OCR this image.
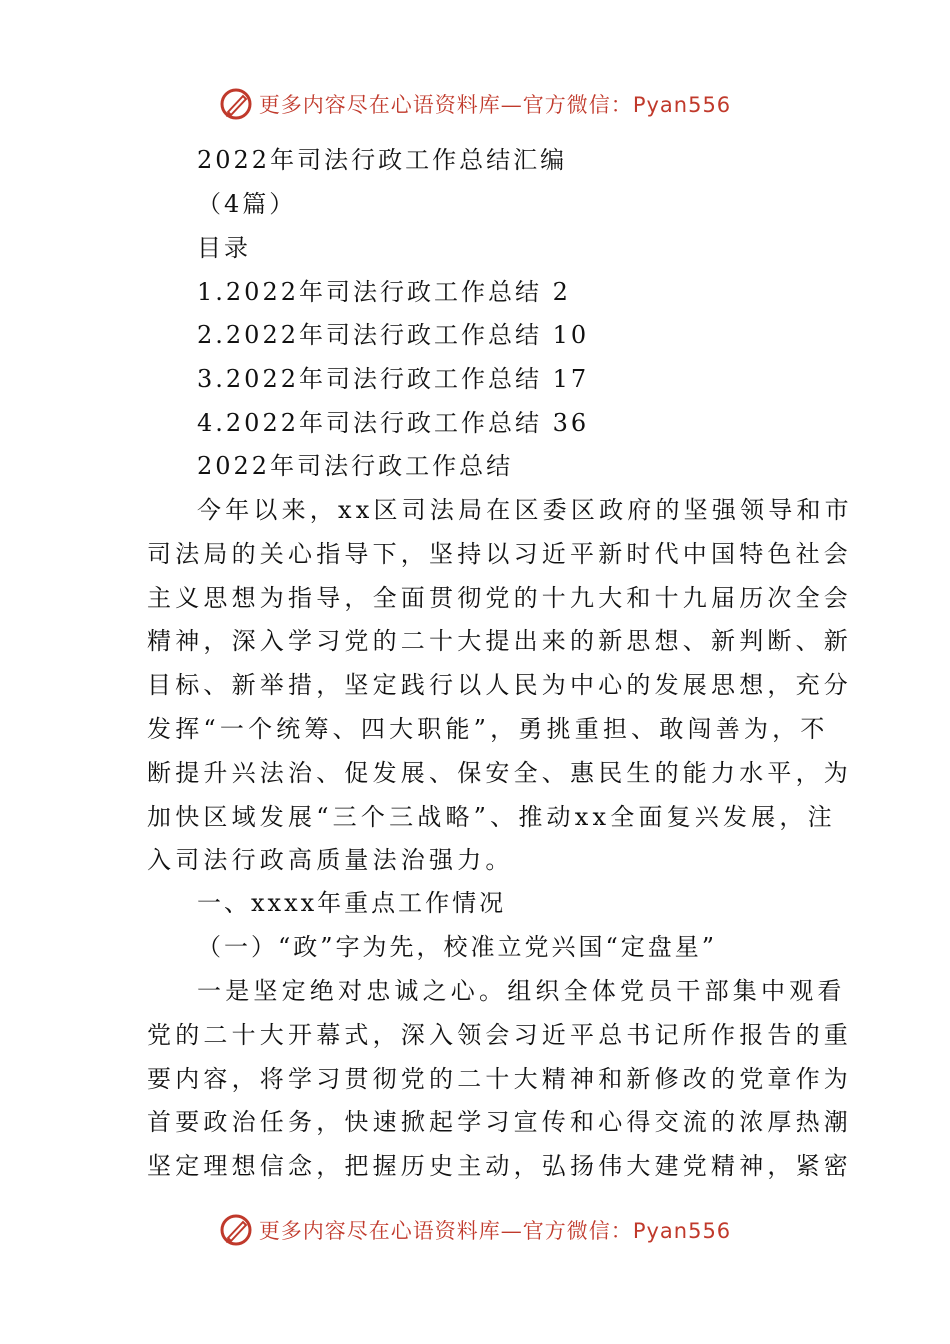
更多内容尽在心语资料库—官方微信：Pyan556
2022年司法行政工作总结汇编
（4篇）
目录
1.2022年司法行政工作总结 2
2.2022年司法行政工作总结 10
3.2022年司法行政工作总结 17
4.2022年司法行政工作总结 36
2022年司法行政工作总结
今年以来，xx区司法局在区委区政府的坚强领导和市
司法局的关心指导下，坚持以习近平新时代中国特色社会
主义思想为指导，全面贯彻党的十九大和十九届历次全会
精神，深入学习党的二十大提出来的新思想、新判断、新
目标、新举措，坚定践行以人民为中心的发展思想，充分
发挥“一个统筹、四大职能”，勇挑重担、敢闯善为，不
断提升兴法治、促发展、保安全、惠民生的能力水平，为
加快区域发展“三个三战略”、推动xx全面复兴发展，注
入司法行政高质量法治强力。
一、xxxx年重点工作情况
（一）“政”字为先，校准立党兴国“定盘星”
一是坚定绝对忠诚之心。组织全体党员干部集中观看
党的二十大开幕式，深入领会习近平总书记所作报告的重
要内容，将学习贯彻党的二十大精神和新修改的党章作为
首要政治任务，快速掀起学习宣传和心得交流的浓厚热潮
坚定理想信念，把握历史主动，弘扬伟大建党精神，紧密
更多内容尽在心语资料库—官方微信：Pyan556
